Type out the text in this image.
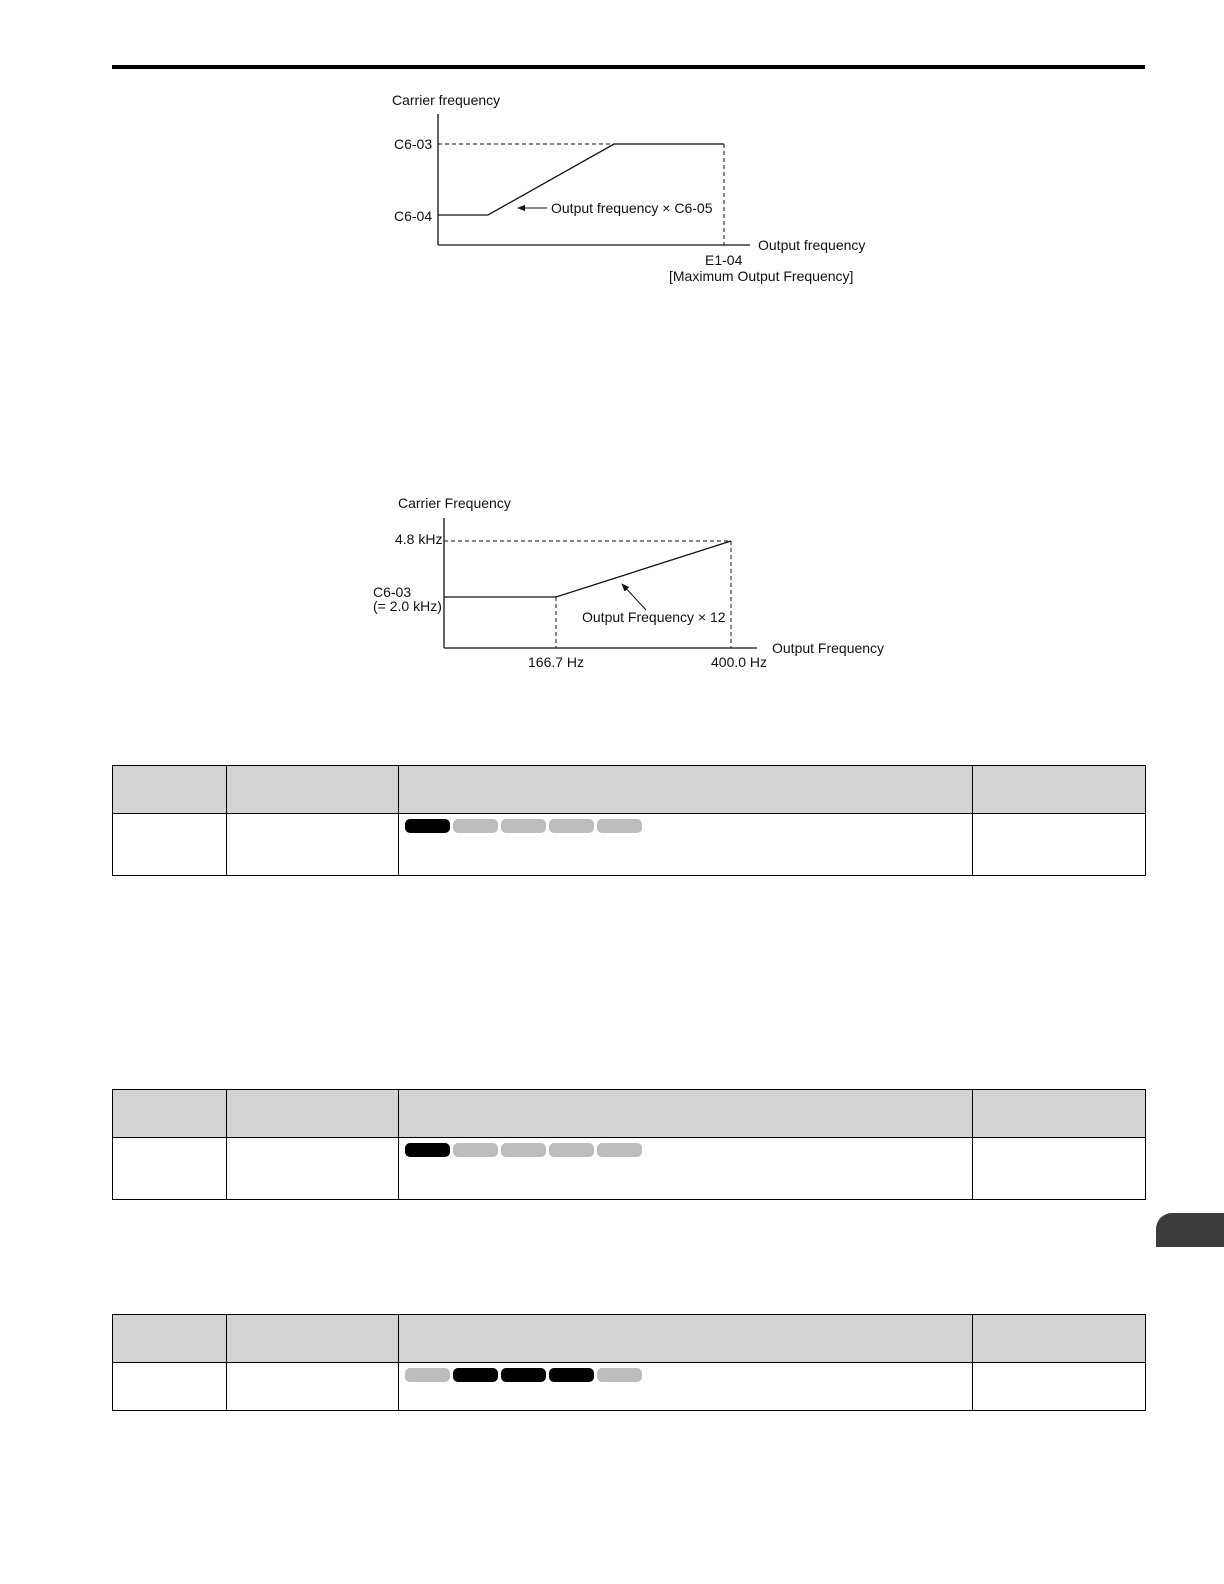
Carrier frequency
C6-03
C6-04	Output frequency × C6-05
Output frequency
E1-04
[Maximum Output Frequency]
Carrier Frequency
4.8 kHz
C6-03
(= 2.0 kHz)
Output Frequency × 12
Output Frequency
166.7 Hz	400.0 Hz
